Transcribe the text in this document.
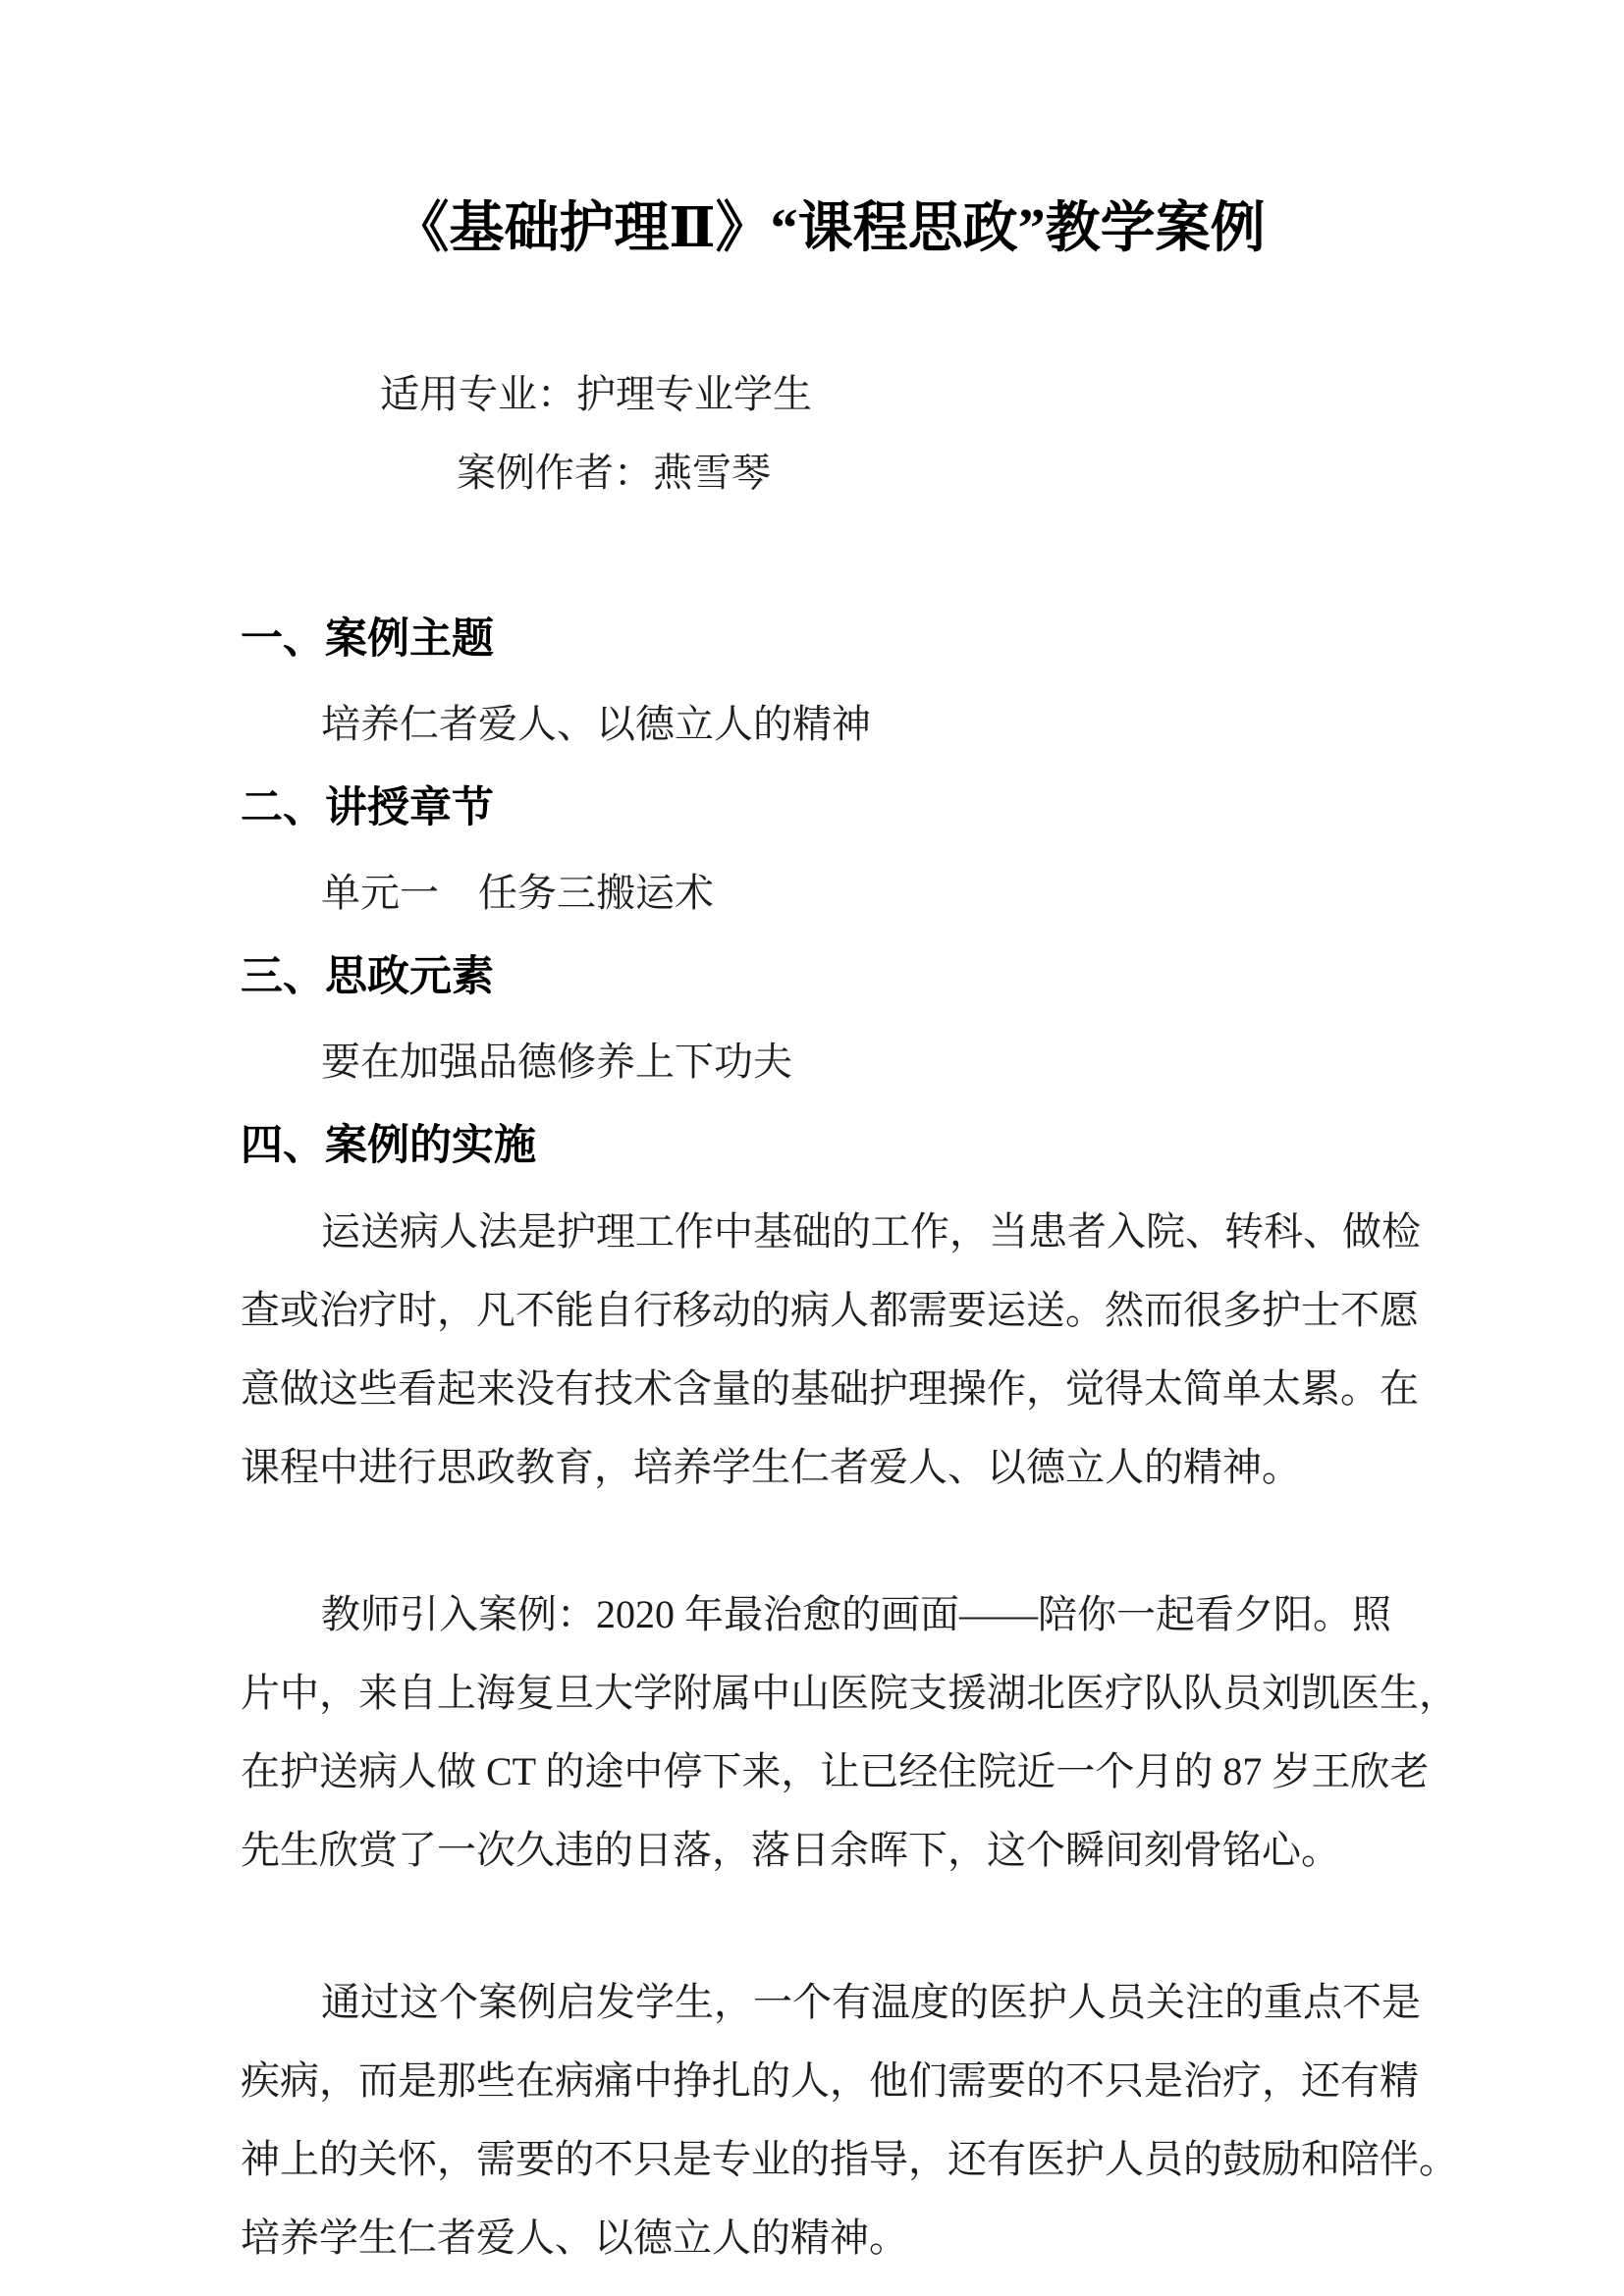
《基础护理Ⅱ》“课程思政”教学案例

适用专业：护理专业学生
案例作者：燕雪琴

一、案例主题
培养仁者爱人、以德立人的精神
二、讲授章节
单元一　任务三搬运术
三、思政元素
要在加强品德修养上下功夫
四、案例的实施
运送病人法是护理工作中基础的工作，当患者入院、转科、做检
查或治疗时，凡不能自行移动的病人都需要运送。然而很多护士不愿
意做这些看起来没有技术含量的基础护理操作，觉得太简单太累。在
课程中进行思政教育，培养学生仁者爱人、以德立人的精神。
教师引入案例：2020 年最治愈的画面——陪你一起看夕阳。照
片中，来自上海复旦大学附属中山医院支援湖北医疗队队员刘凯医生，
在护送病人做 CT 的途中停下来，让已经住院近一个月的 87 岁王欣老
先生欣赏了一次久违的日落，落日余晖下，这个瞬间刻骨铭心。
通过这个案例启发学生，一个有温度的医护人员关注的重点不是
疾病，而是那些在病痛中挣扎的人，他们需要的不只是治疗，还有精
神上的关怀，需要的不只是专业的指导，还有医护人员的鼓励和陪伴。
培养学生仁者爱人、以德立人的精神。
